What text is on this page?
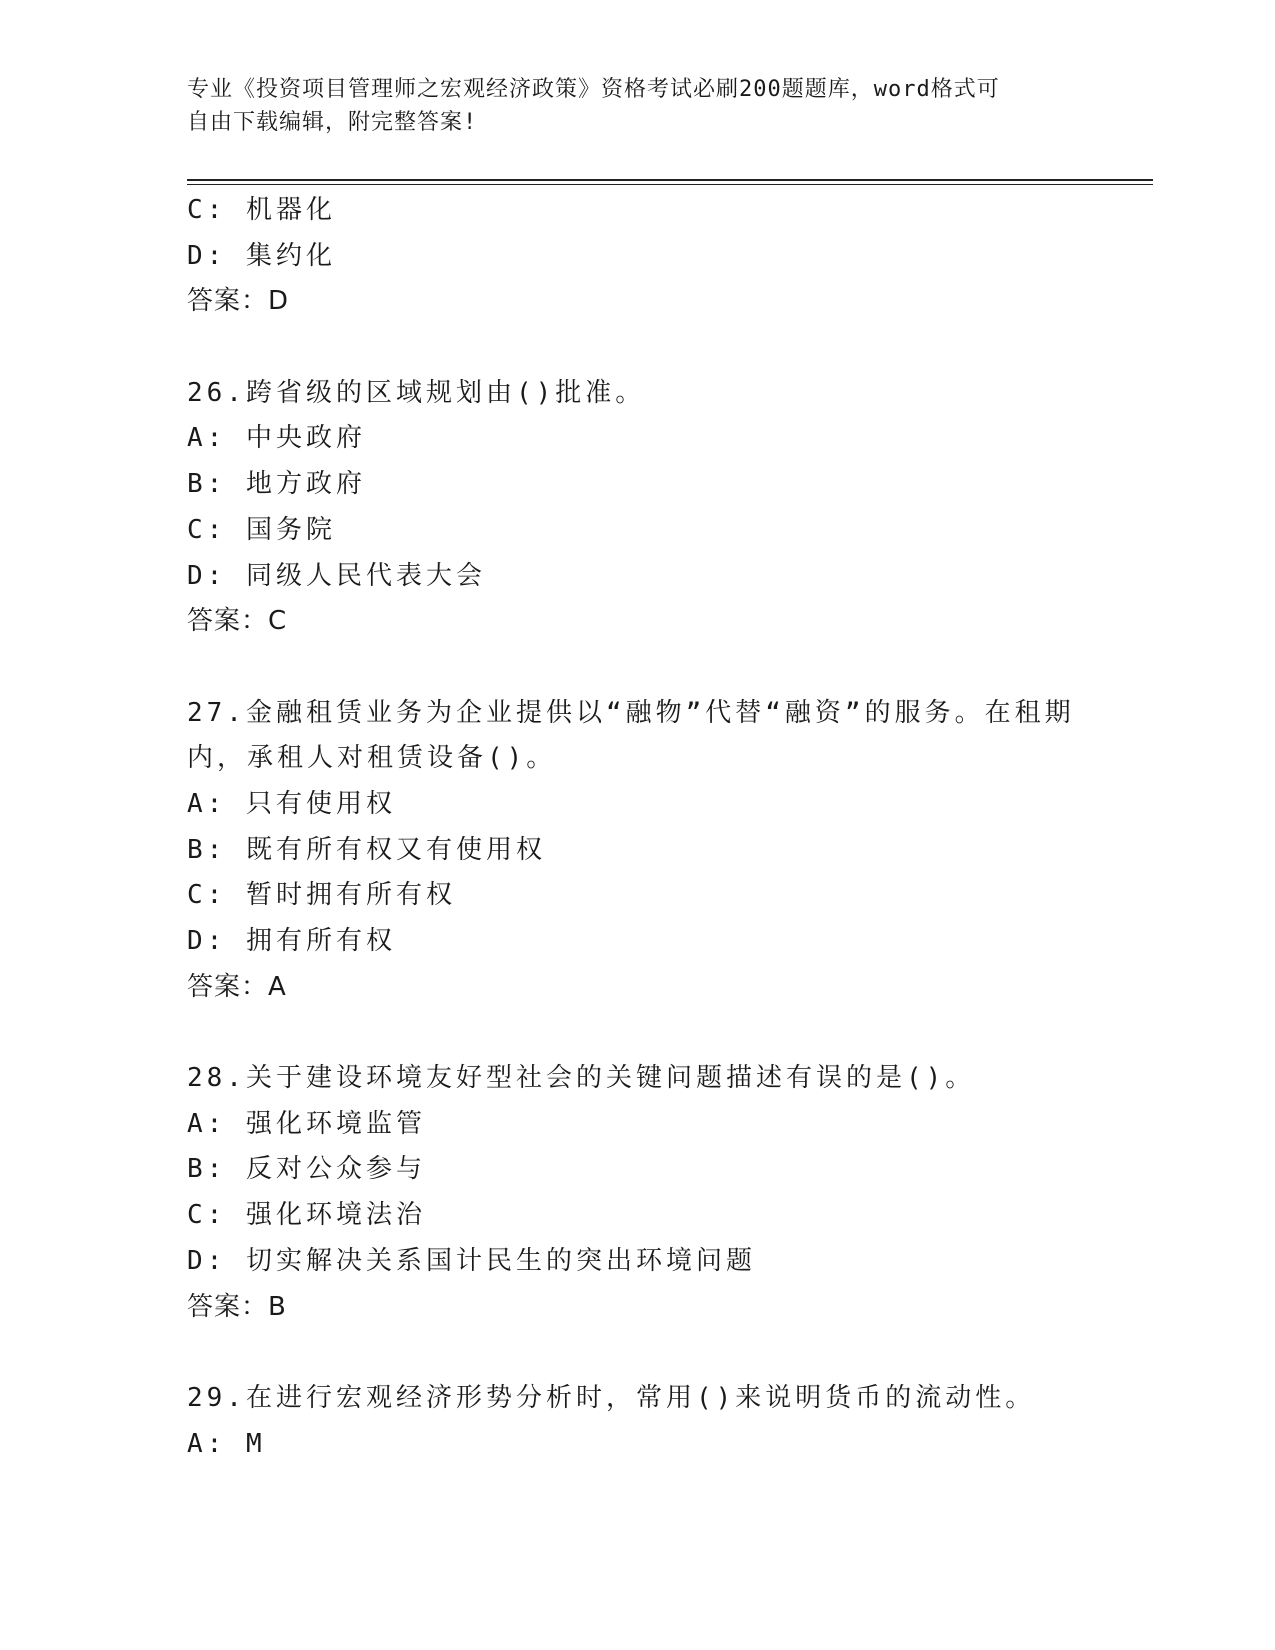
专业《投资项目管理师之宏观经济政策》资格考试必刷200题题库，word格式可
自由下载编辑，附完整答案!
C: 机器化
D: 集约化
答案：D
26.跨省级的区域规划由()批准。
A: 中央政府
B: 地方政府
C: 国务院
D: 同级人民代表大会
答案：C
27.金融租赁业务为企业提供以“融物”代替“融资”的服务。在租期
内，承租人对租赁设备()。
A: 只有使用权
B: 既有所有权又有使用权
C: 暂时拥有所有权
D: 拥有所有权
答案：A
28.关于建设环境友好型社会的关键问题描述有误的是()。
A: 强化环境监管
B: 反对公众参与
C: 强化环境法治
D: 切实解决关系国计民生的突出环境问题
答案：B
29.在进行宏观经济形势分析时，常用()来说明货币的流动性。
A: M
